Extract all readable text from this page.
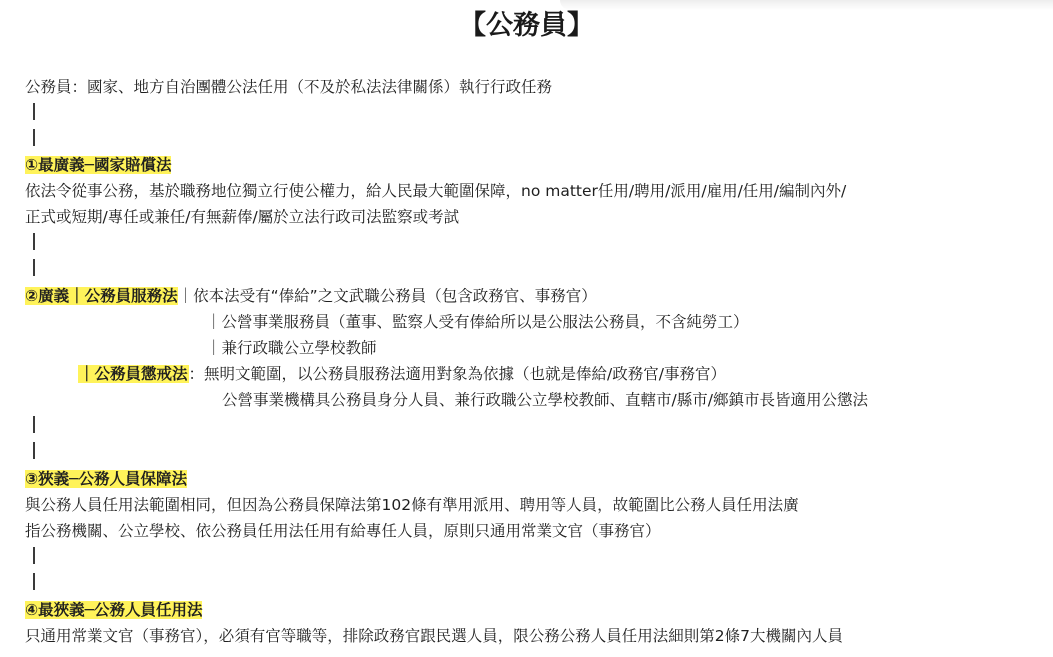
【公務員】
公務員：國家、地方自治團體公法任用（不及於私法法律關係）執行行政任務
①最廣義─國家賠償法
依法令從事公務，基於職務地位獨立行使公權力，給人民最大範圍保障，no matter任用/聘用/派用/雇用/任用/編制內外/
正式或短期/專任或兼任/有無薪俸/屬於立法行政司法監察或考試
②廣義｜公務員服務法｜依本法受有“俸給”之文武職公務員（包含政務官、事務官）
｜公營事業服務員（董事、監察人受有俸給所以是公服法公務員，不含純勞工）
｜兼行政職公立學校教師
｜公務員懲戒法：無明文範圍，以公務員服務法適用對象為依據（也就是俸給/政務官/事務官）
公營事業機構具公務員身分人員、兼行政職公立學校教師、直轄市/縣市/鄉鎮市長皆適用公懲法
③狹義─公務人員保障法
與公務人員任用法範圍相同，但因為公務員保障法第102條有準用派用、聘用等人員，故範圍比公務人員任用法廣
指公務機關、公立學校、依公務員任用法任用有給專任人員，原則只通用常業文官（事務官）
④最狹義─公務人員任用法
只通用常業文官（事務官），必須有官等職等，排除政務官跟民選人員，限公務公務人員任用法細則第2條7大機關內人員
